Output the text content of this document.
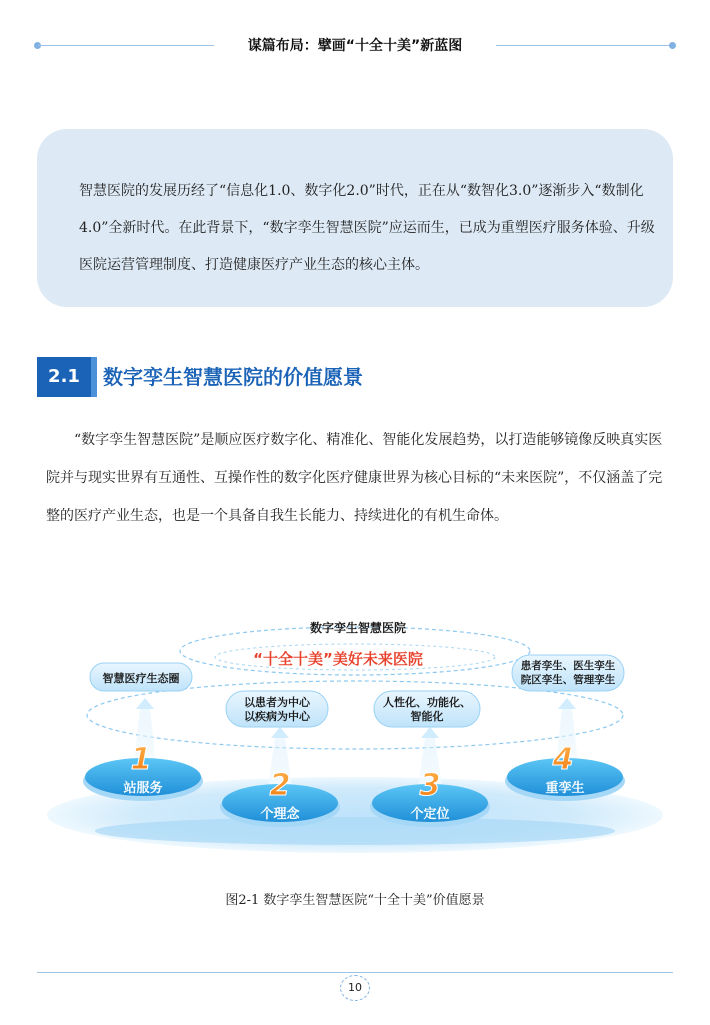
谋篇布局：擘画“十全十美”新蓝图

智慧医院的发展历经了“信息化1.0、数字化2.0”时代，正在从“数智化3.0”逐渐步入“数制化4.0”全新时代。在此背景下，“数字孪生智慧医院”应运而生，已成为重塑医疗服务体验、升级医院运营管理制度、打造健康医疗产业生态的核心主体。

2.1	数字孪生智慧医院的价值愿景

“数字孪生智慧医院”是顺应医疗数字化、精准化、智能化发展趋势，以打造能够镜像反映真实医院并与现实世界有互通性、互操作性的数字化医疗健康世界为核心目标的“未来医院”，不仅涵盖了完整的医疗产业生态，也是一个具备自我生长能力、持续进化的有机生命体。

数字孪生智慧医院
“十全十美”美好未来医院
智慧医疗生态圈
以患者为中心
以疾病为中心
人性化、功能化、
智能化
患者孪生、医生孪生
院区孪生、管理孪生
1
站服务	2
个理念
3
个定位
4
重孪生
图2-1 数字孪生智慧医院“十全十美”价值愿景
10
